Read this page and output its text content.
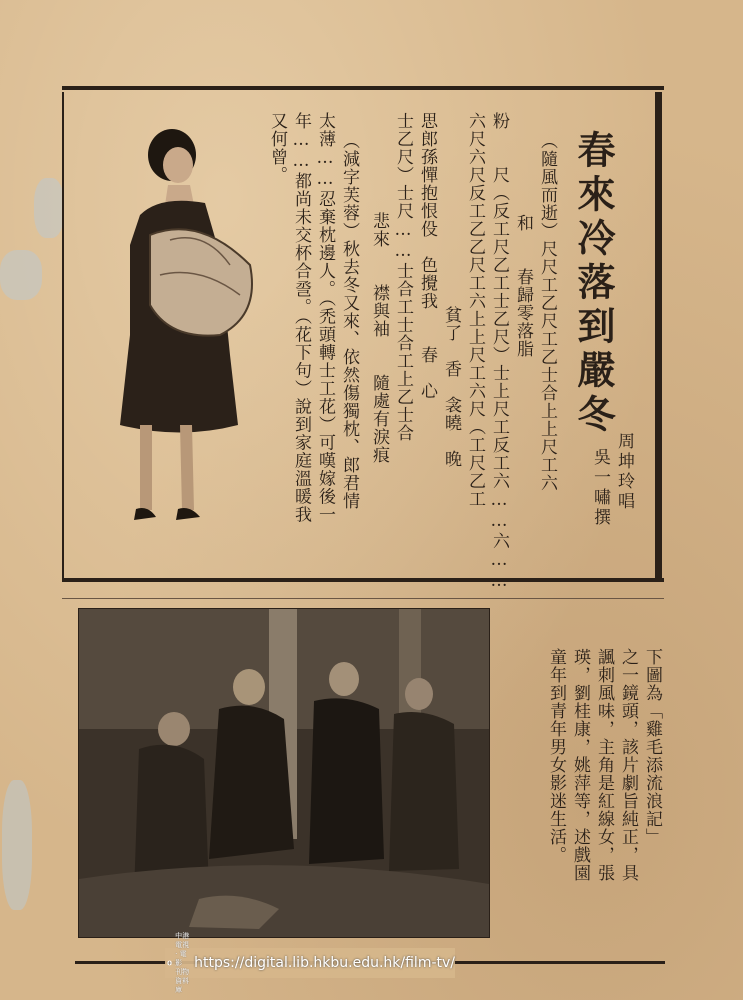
春來冷落到嚴冬
周坤玲唱
吳一嘯撰
（隨風而逝）尺尺工乙尺工乙士合上上尺工六
和　　春歸零落脂
粉　　尺（反工尺乙工士乙尺）士上尺工反工六……六……
六尺六尺反工乙乙尺工六上上尺工六尺（工尺乙工
　　貧了　香　衾曉　晚
思郎孫憚抱恨伇　色攪我　　春　心
士乙尺）士尺……士合工士合工上乙士合
悲來　　襟與袖　　隨處有淚痕
（減字芙蓉）秋去冬又來、依然傷獨枕、郎君情
太薄……忍棄枕邊人。（禿頭轉士工花）可嘆嫁後一
年……都尚未交杯合巹。（花下句）說到家庭溫暖我
又何曾。
下圖為「雞毛添流浪記」
之一鏡頭，該片劇旨純正，具
諷刺風味，主角是紅線女，張
瑛，劉桂康，姚萍等，述戲園
童年到青年男女影迷生活。
中港電視 · 電影
刊物資料庫
https://digital.lib.hkbu.edu.hk/film-tv/
